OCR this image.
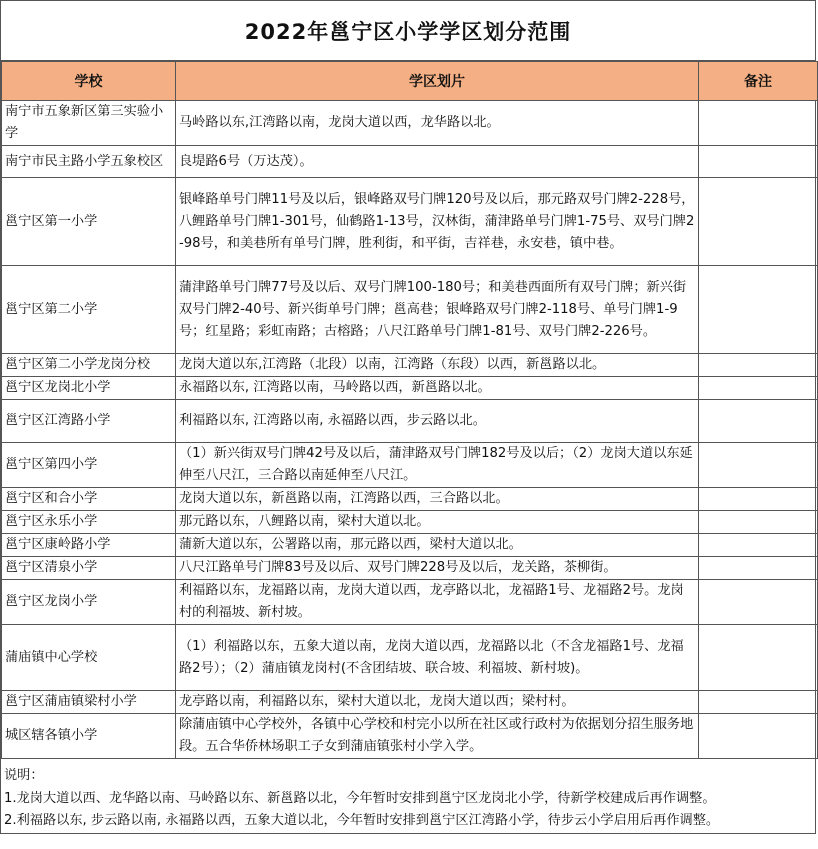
2022年邕宁区小学学区划分范围
学校	学区划片	备注
南宁市五象新区第三实验小学	马岭路以东,江湾路以南，龙岗大道以西，龙华路以北。	
南宁市民主路小学五象校区	良堤路6号（万达茂）。	
邕宁区第一小学	银峰路单号门牌11号及以后，银峰路双号门牌120号及以后，那元路双号门牌2-228号，八鲤路单号门牌1-301号，仙鹤路1-13号，汉林街，蒲津路单号门牌1-75号、双号门牌2-98号，和美巷所有单号门牌，胜利街，和平街，吉祥巷，永安巷，镇中巷。	
邕宁区第二小学	蒲津路单号门牌77号及以后、双号门牌100-180号；和美巷西面所有双号门牌；新兴街双号门牌2-40号、新兴街单号门牌；邕高巷；银峰路双号门牌2-118号、单号门牌1-9号；红星路；彩虹南路；古榕路；八尺江路单号门牌1-81号、双号门牌2-226号。	
邕宁区第二小学龙岗分校	龙岗大道以东,江湾路（北段）以南，江湾路（东段）以西，新邕路以北。	
邕宁区龙岗北小学	永福路以东, 江湾路以南，马岭路以西，新邕路以北。	
邕宁区江湾路小学	利福路以东, 江湾路以南, 永福路以西，步云路以北。	
邕宁区第四小学	（1）新兴街双号门牌42号及以后，蒲津路双号门牌182号及以后；（2）龙岗大道以东延伸至八尺江，三合路以南延伸至八尺江。	
邕宁区和合小学	龙岗大道以东，新邕路以南，江湾路以西，三合路以北。	
邕宁区永乐小学	那元路以东，八鲤路以南，梁村大道以北。	
邕宁区康岭路小学	蒲新大道以东，公署路以南，那元路以西，梁村大道以北。	
邕宁区清泉小学	八尺江路单号门牌83号及以后、双号门牌228号及以后，龙关路，茶柳街。	
邕宁区龙岗小学	利福路以东，龙福路以南，龙岗大道以西，龙亭路以北，龙福路1号、龙福路2号。龙岗村的利福坡、新村坡。	
蒲庙镇中心学校	（1）利福路以东，五象大道以南，龙岗大道以西，龙福路以北（不含龙福路1号、龙福路2号）；（2）蒲庙镇龙岗村(不含团结坡、联合坡、利福坡、新村坡)。	
邕宁区蒲庙镇梁村小学	龙亭路以南，利福路以东，梁村大道以北，龙岗大道以西；梁村村。	
城区辖各镇小学	除蒲庙镇中心学校外，各镇中心学校和村完小以所在社区或行政村为依据划分招生服务地段。五合华侨林场职工子女到蒲庙镇张村小学入学。	
说明：
1.龙岗大道以西、龙华路以南、马岭路以东、新邕路以北，今年暂时安排到邕宁区龙岗北小学，待新学校建成后再作调整。
2.利福路以东, 步云路以南, 永福路以西，五象大道以北，今年暂时安排到邕宁区江湾路小学，待步云小学启用后再作调整。
